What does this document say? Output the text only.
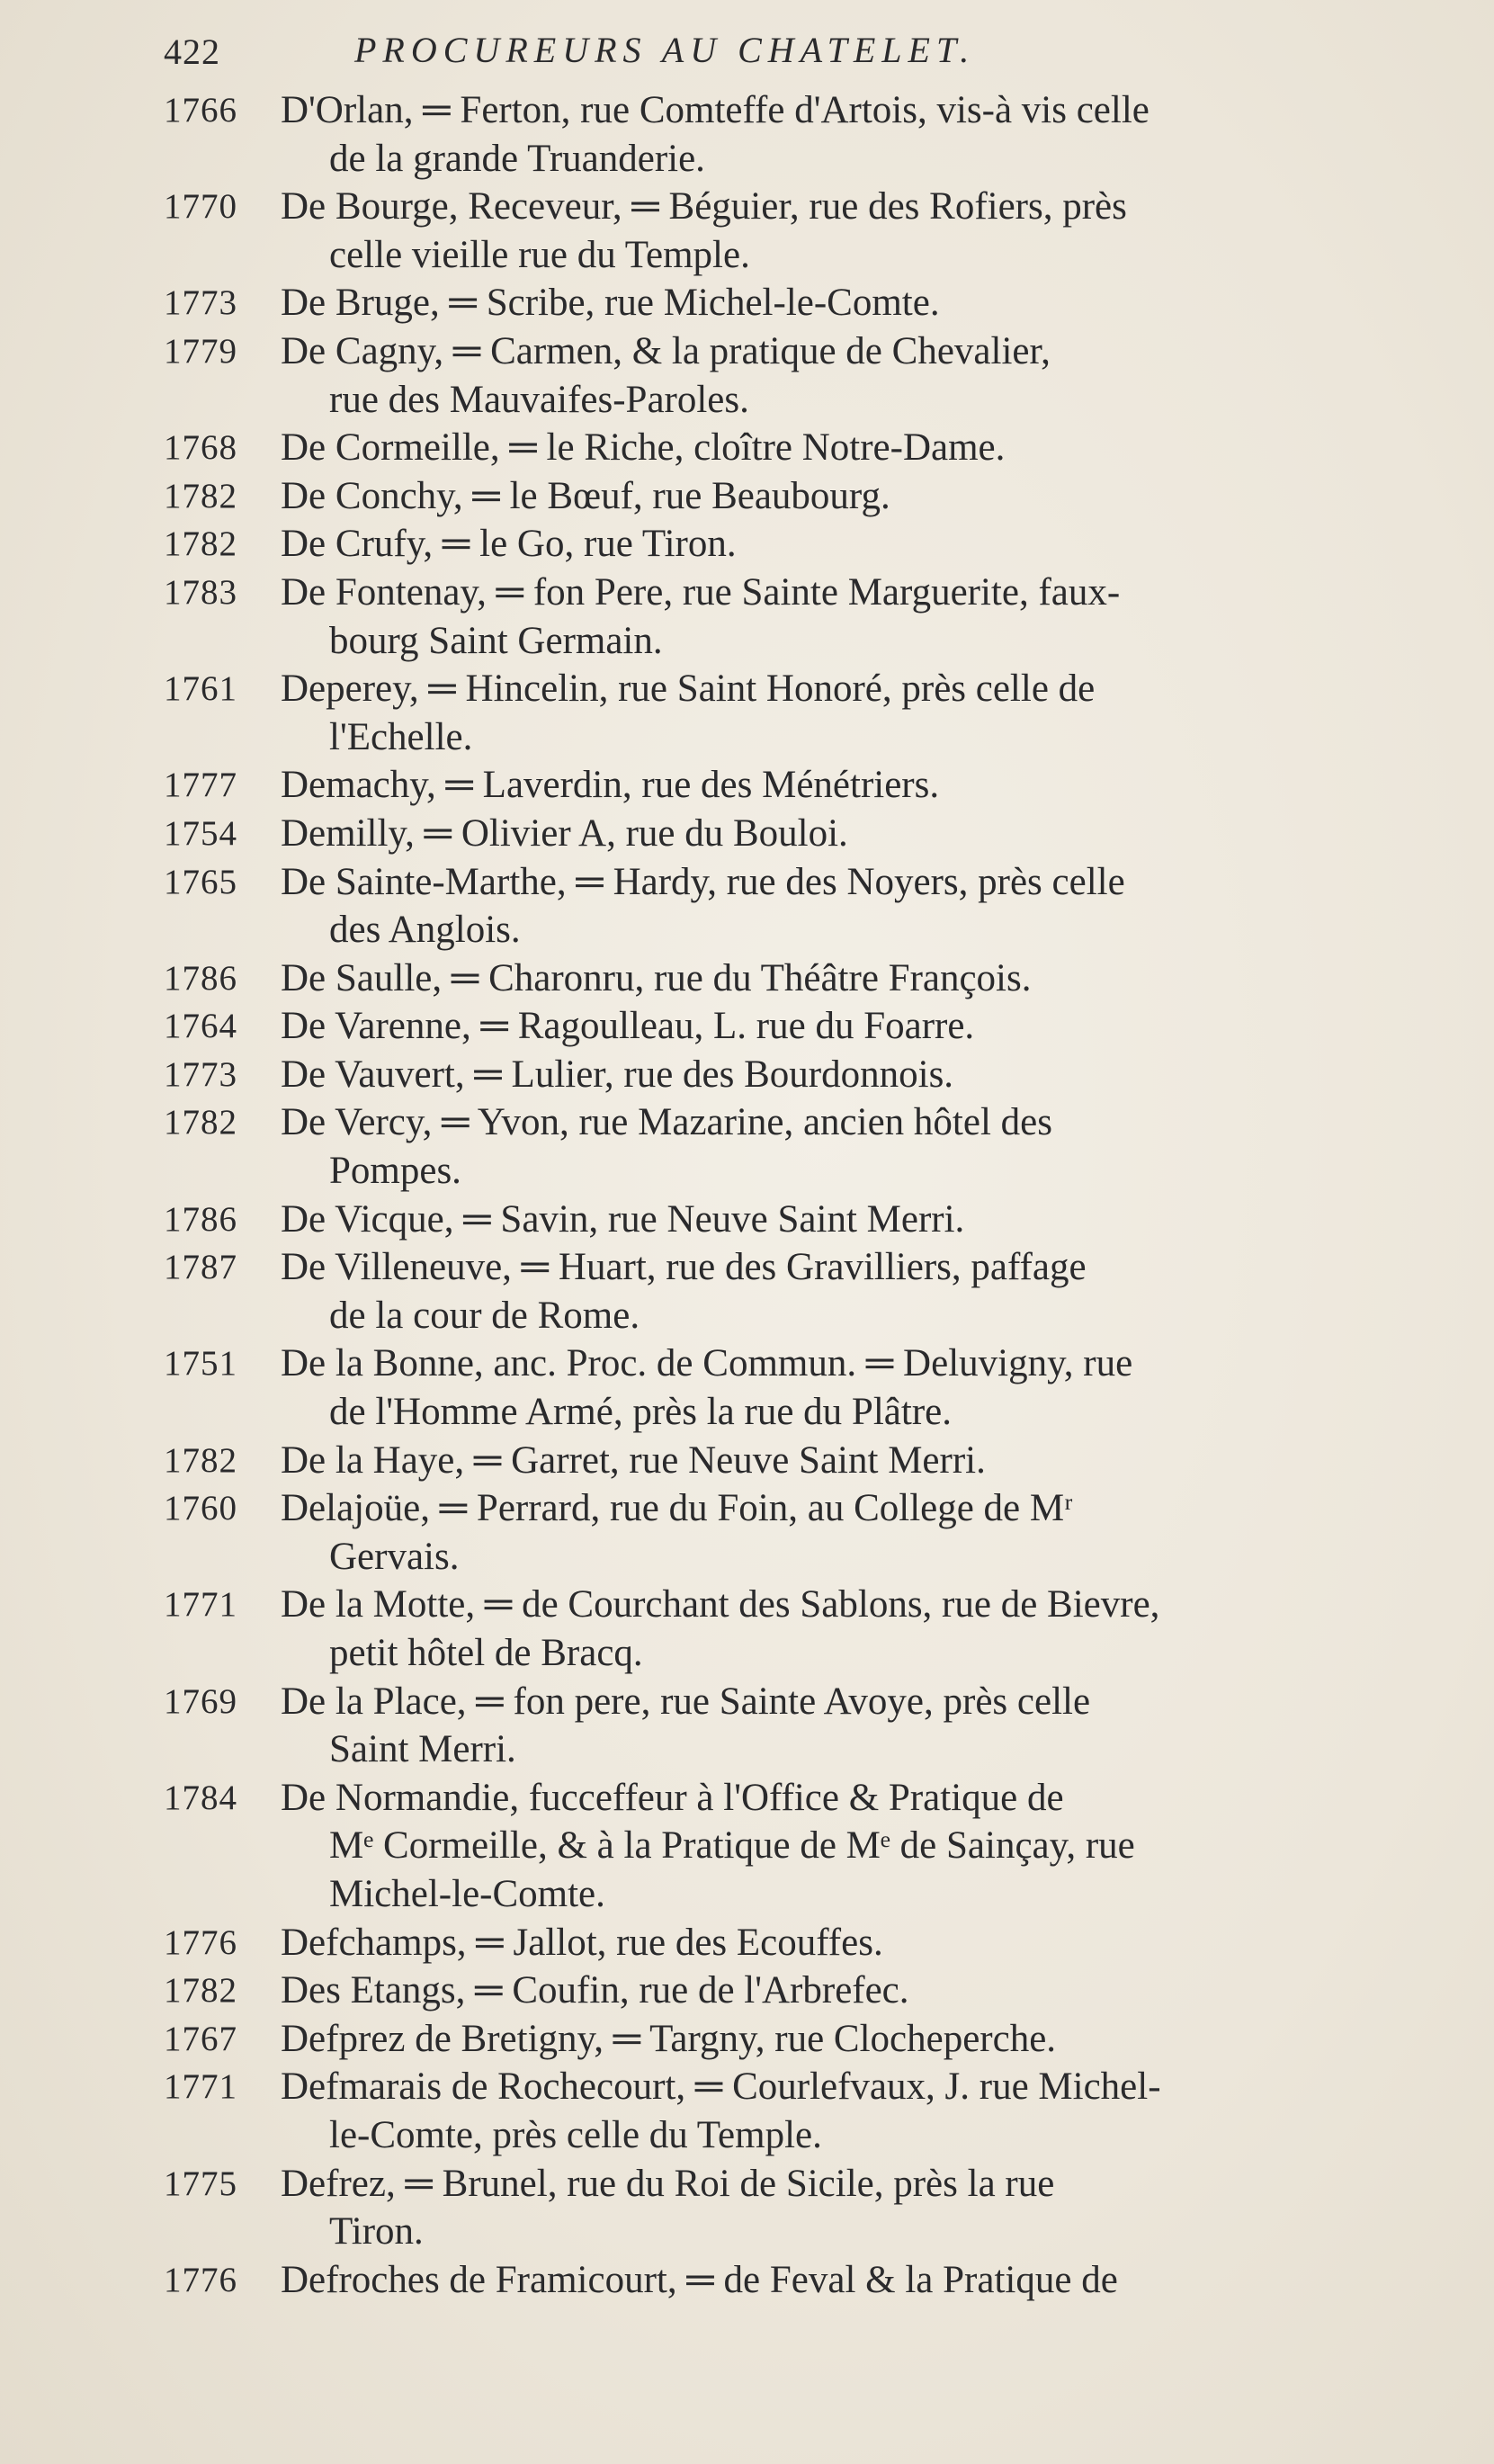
422	PROCUREURS AU CHATELET.
1766	D'Orlan, ═ Ferton, rue Comteffe d'Artois, vis-à vis celle
de la grande Truanderie.
1770	De Bourge, Receveur, ═ Béguier, rue des Rofiers, près
celle vieille rue du Temple.
1773	De Bruge, ═ Scribe, rue Michel-le-Comte.
1779	De Cagny, ═ Carmen, & la pratique de Chevalier,
rue des Mauvaifes-Paroles.
1768	De Cormeille, ═ le Riche, cloître Notre-Dame.
1782	De Conchy, ═ le Bœuf, rue Beaubourg.
1782	De Crufy, ═ le Go, rue Tiron.
1783	De Fontenay, ═ fon Pere, rue Sainte Marguerite, faux-
bourg Saint Germain.
1761	Deperey, ═ Hincelin, rue Saint Honoré, près celle de
l'Echelle.
1777	Demachy, ═ Laverdin, rue des Ménétriers.
1754	Demilly, ═ Olivier A, rue du Bouloi.
1765	De Sainte-Marthe, ═ Hardy, rue des Noyers, près celle
des Anglois.
1786	De Saulle, ═ Charonru, rue du Théâtre François.
1764	De Varenne, ═ Ragoulleau, L. rue du Foarre.
1773	De Vauvert, ═ Lulier, rue des Bourdonnois.
1782	De Vercy, ═ Yvon, rue Mazarine, ancien hôtel des
Pompes.
1786	De Vicque, ═ Savin, rue Neuve Saint Merri.
1787	De Villeneuve, ═ Huart, rue des Gravilliers, paffage
de la cour de Rome.
1751	De la Bonne, anc. Proc. de Commun. ═ Deluvigny, rue
de l'Homme Armé, près la rue du Plâtre.
1782	De la Haye, ═ Garret, rue Neuve Saint Merri.
1760	Delajoüe, ═ Perrard, rue du Foin, au College de Mʳ
Gervais.
1771	De la Motte, ═ de Courchant des Sablons, rue de Bievre,
petit hôtel de Bracq.
1769	De la Place, ═ fon pere, rue Sainte Avoye, près celle
Saint Merri.
1784	De Normandie, fucceffeur à l'Office & Pratique de
Mᵉ Cormeille, & à la Pratique de Mᵉ de Sainçay, rue
Michel-le-Comte.
1776	Defchamps, ═ Jallot, rue des Ecouffes.
1782	Des Etangs, ═ Coufin, rue de l'Arbrefec.
1767	Defprez de Bretigny, ═ Targny, rue Clocheperche.
1771	Defmarais de Rochecourt, ═ Courlefvaux, J. rue Michel-
le-Comte, près celle du Temple.
1775	Defrez, ═ Brunel, rue du Roi de Sicile, près la rue
Tiron.
1776	Defroches de Framicourt, ═ de Feval & la Pratique de
